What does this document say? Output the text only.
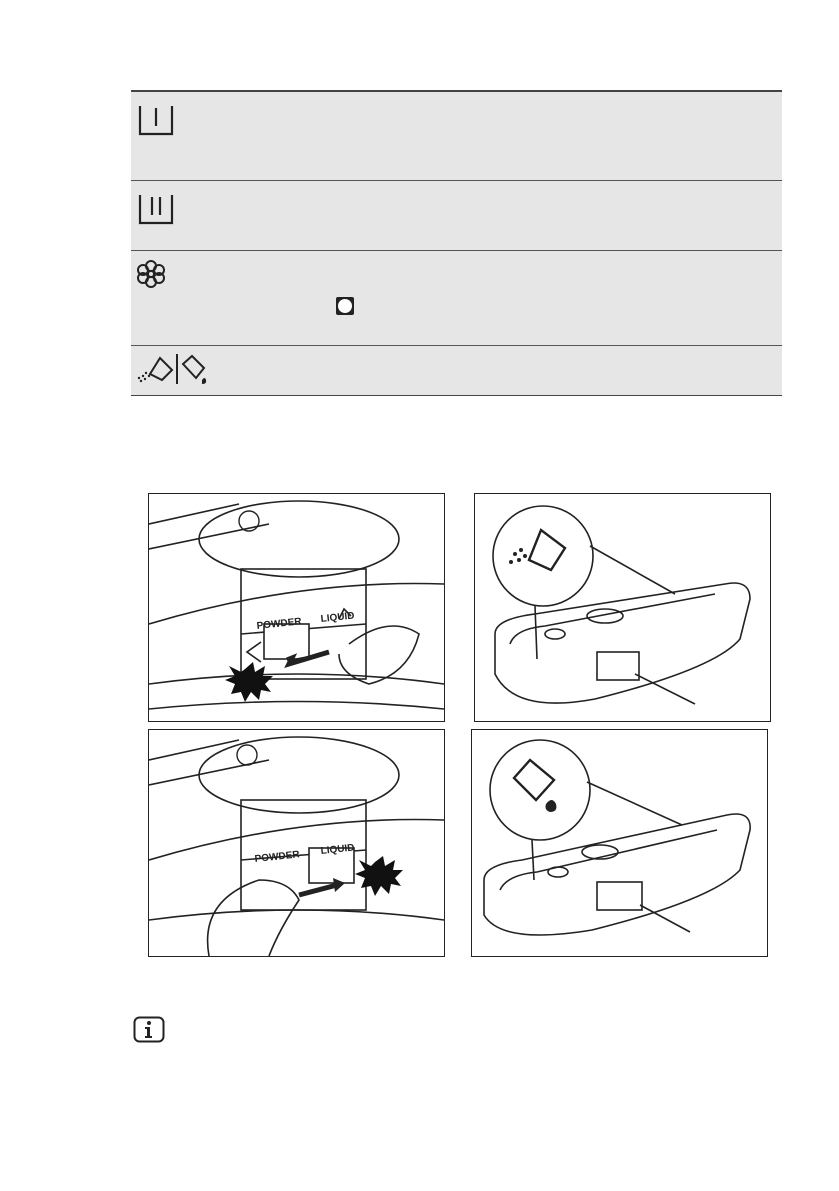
POWDER LIQUID
POWDER LIQUID
